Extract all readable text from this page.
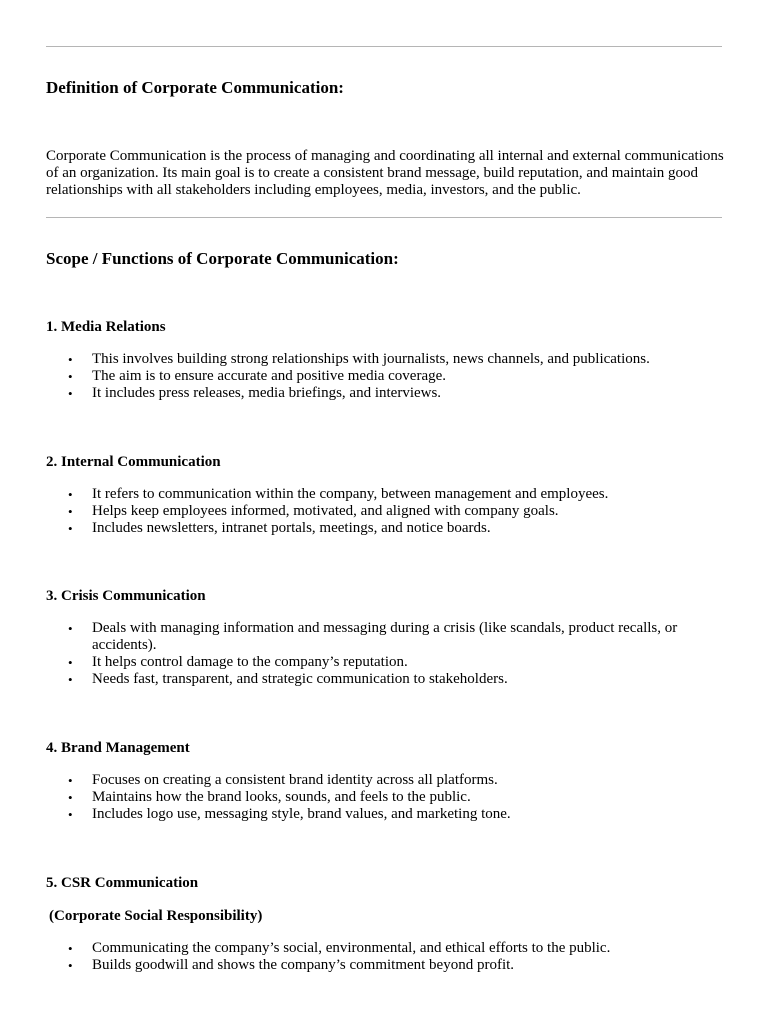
Definition of Corporate Communication:

Corporate Communication is the process of managing and coordinating all internal and external communications of an organization. Its main goal is to create a consistent brand message, build reputation, and maintain good relationships with all stakeholders including employees, media, investors, and the public.

Scope / Functions of Corporate Communication:
1. Media Relations
• This involves building strong relationships with journalists, news channels, and publications.
• The aim is to ensure accurate and positive media coverage.
• It includes press releases, media briefings, and interviews.
2. Internal Communication
• It refers to communication within the company, between management and employees.
• Helps keep employees informed, motivated, and aligned with company goals.
• Includes newsletters, intranet portals, meetings, and notice boards.
3. Crisis Communication
• Deals with managing information and messaging during a crisis (like scandals, product recalls, or accidents).
• It helps control damage to the company’s reputation.
• Needs fast, transparent, and strategic communication to stakeholders.
4. Brand Management
• Focuses on creating a consistent brand identity across all platforms.
• Maintains how the brand looks, sounds, and feels to the public.
• Includes logo use, messaging style, brand values, and marketing tone.
5. CSR Communication
(Corporate Social Responsibility)
• Communicating the company’s social, environmental, and ethical efforts to the public.
• Builds goodwill and shows the company’s commitment beyond profit.
